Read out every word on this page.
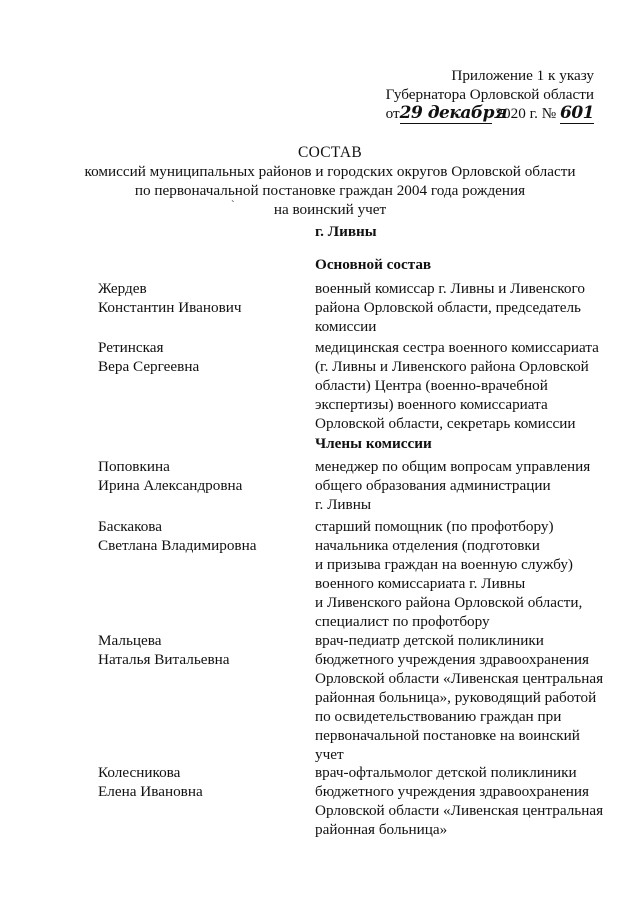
Приложение 1 к указу
Губернатора Орловской области
от29 декабря 2020 г. № 601
СОСТАВ
комиссий муниципальных районов и городских округов Орловской области
по первоначальной постановке граждан 2004 года рождения
на воинский учет
`
г. Ливны
Основной состав
Жердев
Константин Иванович
военный комиссар г. Ливны и Ливенского
района Орловской области, председатель
комиссии
Ретинская
Вера Сергеевна
медицинская сестра военного комиссариата
(г. Ливны и Ливенского района Орловской
области) Центра (военно-врачебной
экспертизы) военного комиссариата
Орловской области, секретарь комиссии
Члены комиссии
Поповкина
Ирина Александровна
менеджер по общим вопросам управления
общего образования администрации
г. Ливны
Баскакова
Светлана Владимировна
старший помощник (по профотбору)
начальника отделения (подготовки
и призыва граждан на военную службу)
военного комиссариата г. Ливны
и Ливенского района Орловской области,
специалист по профотбору
Мальцева
Наталья Витальевна
врач-педиатр детской поликлиники
бюджетного учреждения здравоохранения
Орловской области «Ливенская центральная
районная больница», руководящий работой
по освидетельствованию граждан при
первоначальной постановке на воинский
учет
Колесникова
Елена Ивановна
врач-офтальмолог детской поликлиники
бюджетного учреждения здравоохранения
Орловской области «Ливенская центральная
районная больница»
